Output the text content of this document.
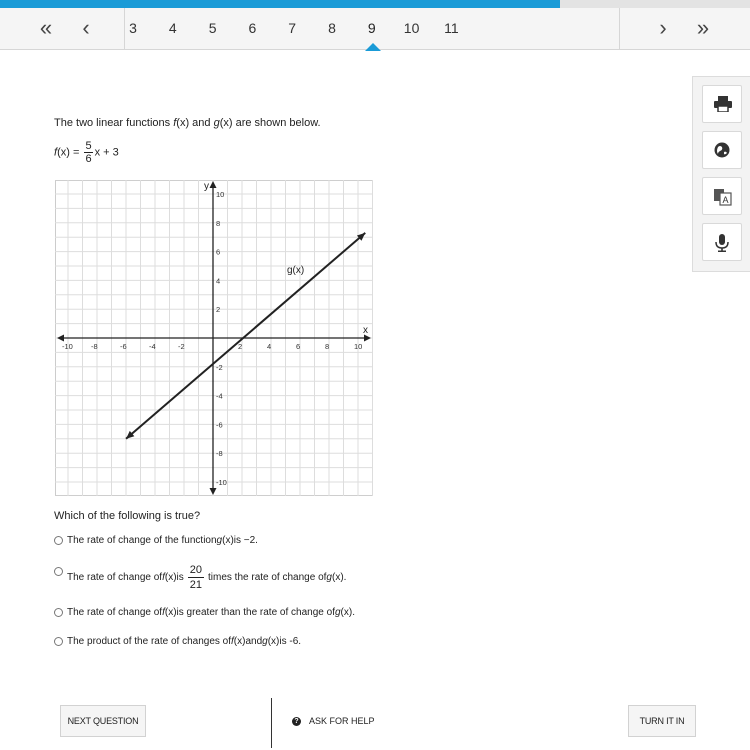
«	‹	3	4	5	6	7	8	9	10	11	›	»
A
The two linear functions f(x) and g(x) are shown below.
$f(x) = \frac{5}{6}$ x + 3
-10 -8	-6	-4	-2	2	4	6	8	10
10
8
6
4
2
-2
-4
-6
-8
-10
x
y
g(x)
Which of the following is true?
The rate of change of the function g (x) is −2.
The rate of change of f (x) is
20
21
times the rate of change of g (x) .
The rate of change of f (x) is greater than the rate of change of g (x) .
The product of the rate of changes of f (x) and g (x) is -6.
NEXT QUESTION	? ASK FOR HELP	TURN IT IN
